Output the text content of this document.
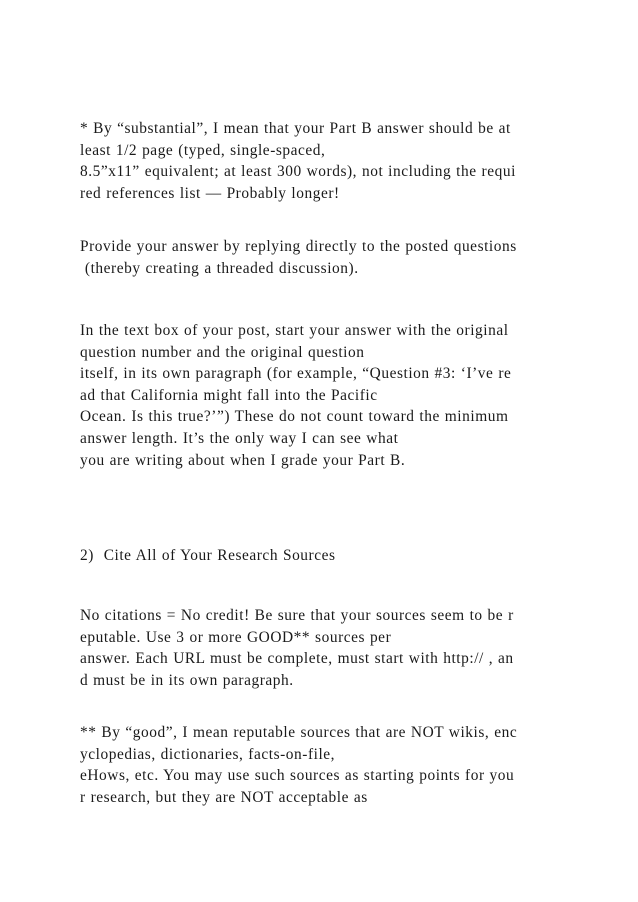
* By “substantial”, I mean that your Part B answer should be at
least 1/2 page (typed, single-spaced,
8.5”x11” equivalent; at least 300 words), not including the requi
red references list — Probably longer!
Provide your answer by replying directly to the posted questions
(thereby creating a threaded discussion).
In the text box of your post, start your answer with the original
question number and the original question
itself, in its own paragraph (for example, “Question #3: ‘I’ve re
ad that California might fall into the Pacific
Ocean. Is this true?’”) These do not count toward the minimum
answer length. It’s the only way I can see what
you are writing about when I grade your Part B.
2)  Cite All of Your Research Sources
No citations = No credit! Be sure that your sources seem to be r
eputable. Use 3 or more GOOD** sources per
answer. Each URL must be complete, must start with http:// , an
d must be in its own paragraph.
** By “good”, I mean reputable sources that are NOT wikis, enc
yclopedias, dictionaries, facts-on-file,
eHows, etc. You may use such sources as starting points for you
r research, but they are NOT acceptable as
